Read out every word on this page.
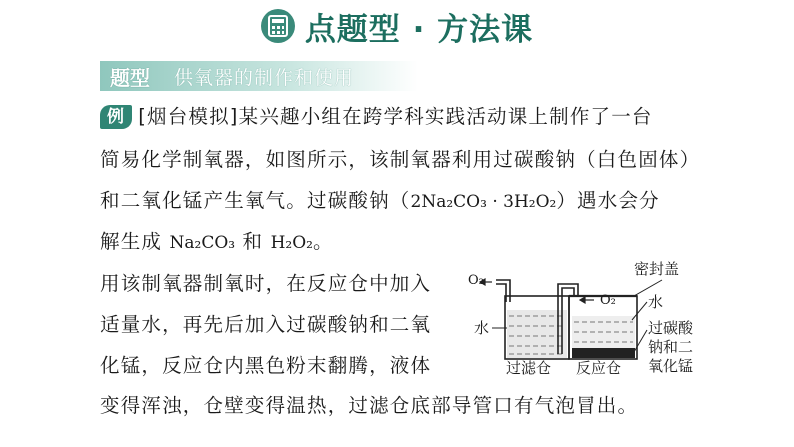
点题型 · 方法课
题型 供氧器的制作和使用
例 [烟台模拟]某兴趣小组在跨学科实践活动课上制作了一台
简易化学制氧器，如图所示，该制氧器利用过碳酸钠（白色固体）
和二氧化锰产生氧气。过碳酸钠（2Na₂CO₃ · 3H₂O₂）遇水会分
解生成 Na₂CO₃ 和 H₂O₂。
用该制氧器制氧时，在反应仓中加入
适量水，再先后加入过碳酸钠和二氧
化锰，反应仓内黑色粉末翻腾，液体
变得浑浊，仓壁变得温热，过滤仓底部导管口有气泡冒出。
O₂
O₂
密封盖
水
水
过滤仓 反应仓
过碳酸
钠和二
氧化锰
